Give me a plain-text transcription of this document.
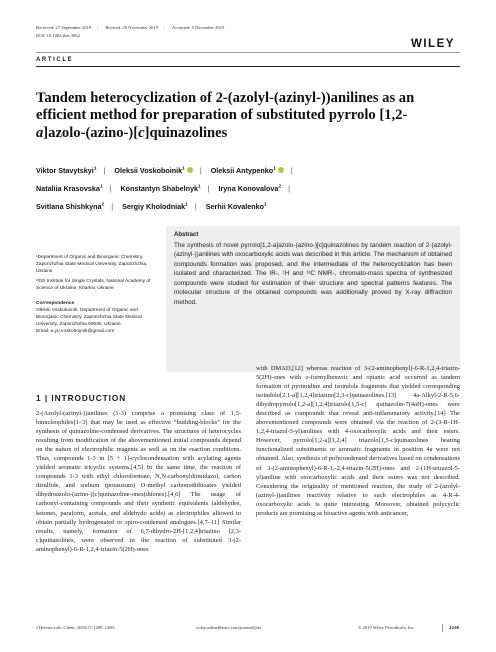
Received: 27 September 2019 | Revised: 28 November 2019 | Accepted: 5 December 2019
DOI: 10.1002/jhet.3862
WILEY
ARTICLE
Tandem heterocyclization of 2-(azolyl-(azinyl-))anilines as an efficient method for preparation of substituted pyrrolo [1,2-a]azolo-(azino-)[c]quinazolines
Viktor Stavytskyi$^1$ | Oleksii Voskoboinik$^1$ | Oleksii Antypenko$^1$ |
Nataliia Krasovska$^1$ | Konstantyn Shabelnyk$^1$ | Iryna Konovalova$^2$ |
Svitlana Shishkyna$^2$ | Sergiy Kholodniak$^1$ | Serhii Kovalenko$^1$

¹Department of Organic and Bioorganic Chemistry, Zaporizhzhia State Medical University, Zaporizhzhia, Ukraine

²SSI Institute for Single Crystals, National Academy of Science of Ukraine, Kharkiv, Ukraine

Correspondence

Oleksii Voskoboinik, Department of Organic and Bioorganic Chemistry, Zaporizhzhia State Medical University, Zaporizhzhia 69035, Ukraine.

Email: a.yu.voskoboynik@gmail.com

Abstract

The synthesis of novel pyrrolo[1,2-a]azolo-(azino-)[c]quinazolines by tandem reaction of 2-(azolyl-(azinyl-))anilines with oxocarboxylic acids was described in this article. The mechanism of obtained compounds formation was proposed, and the intermediate of the heterocyclization has been isolated and characterized. The IR-, ¹H and ¹³C NMR-, chromato-mass spectra of synthesized compounds were studied for estimation of their structure and spectral patterns features. The molecular structure of the obtained compounds was additionally proved by X-ray diffraction method.

1 | INTRODUCTION

2-(Azolyl-(azinyl-))anilines (1-3) comprise a promising class of 1,5-binucleophiles[1–3] that may be used as effective “building-blocks” for the synthesis of quinazoline-condensed derivatives. The structures of heterocycles resulting from modification of the abovementioned initial compounds depend on the nature of electrophilic reagents as well as on the reaction conditions. Thus, compounds 1-3 in [5 + 1]-cyclocondensation with acylating agents yielded aromatic tricyclic systems.[4,5] In the same time, the reaction of compounds 1-3 with ethyl chloroformate, N,N-carbonyldiimidazol, carbon disulfide, and sodium (potassium) O-methyl carbonodithioates yielded dihydroazolo-(azino-)[c]quinazoline-ones(thiones).[4,6] The usage of carbonyl-containing compounds and their synthetic equivalents (aldehydes, ketones, paraform, acetals, and aldehydo acids) as electrophiles allowed to obtain partially hydrogenated or spiro-condensed analogues.[4,7–11] Similar results, namely, formation of 6,7-dihydro-2H-[1,2,4]triazino [2,3-c]quinazolines, were observed in the reaction of substituted 3-(2-aminophenyl)-6-R-1,2,4-triazin-5(2H)-ones

with DMAD,[12] whereas reaction of 3-(2-aminophenyl)-6-R-1,2,4-triazin-5(2H)-ones with o-formylbenzoic and opianic acid occurred as tandem formation of pyrimidine and isoindole fragments that yielded corresponding isoindolo[2,1-a][1,2,4]triazino[2,3-c]quinazolines.[13] 4a-Alkyl-2-R-5,6-dihydropyrrolo[1,2-a][1,2,4]triazolo[1,5-c] quinazolin-7(4aH)-ones were described as compounds that reveal anti-inflammatory activity.[14] The abovementioned compounds were obtained via the reaction of 2-(3-R-1H-1,2,4-triazol-5-yl)anilines with 4-oxocarboxylic acids and their esters. However, pyrrolo[1,2-a][1,2,4] triazolo[1,5-c]quinazolines bearing functionalized substituents or aromatic fragments in position 4a were not obtained. Also, synthesis of polycondensed derivatives based on condensations of 3-(2-aminophenyl)-6-R-1,-2,4-triazin-5(2H)-ones and 2-(1H-tetrazol-5-yl)aniline with oxocarboxylic acids and their esters was not described. Considering the originality of mentioned reaction, the study of 2-(azolyl-(azinyl-))anilines reactivity relative to such electrophiles as 4-R-4-oxocarboxylic acids is quite interesting. Moreover, obtained polycyclic products are promising as bioactive agents with anticancer,

J Heterocyclic Chem. 2020;57:1289–1260.	wileyonlinelibrary.com/journal/jhet	© 2019 Wiley Periodicals, Inc.	1249
